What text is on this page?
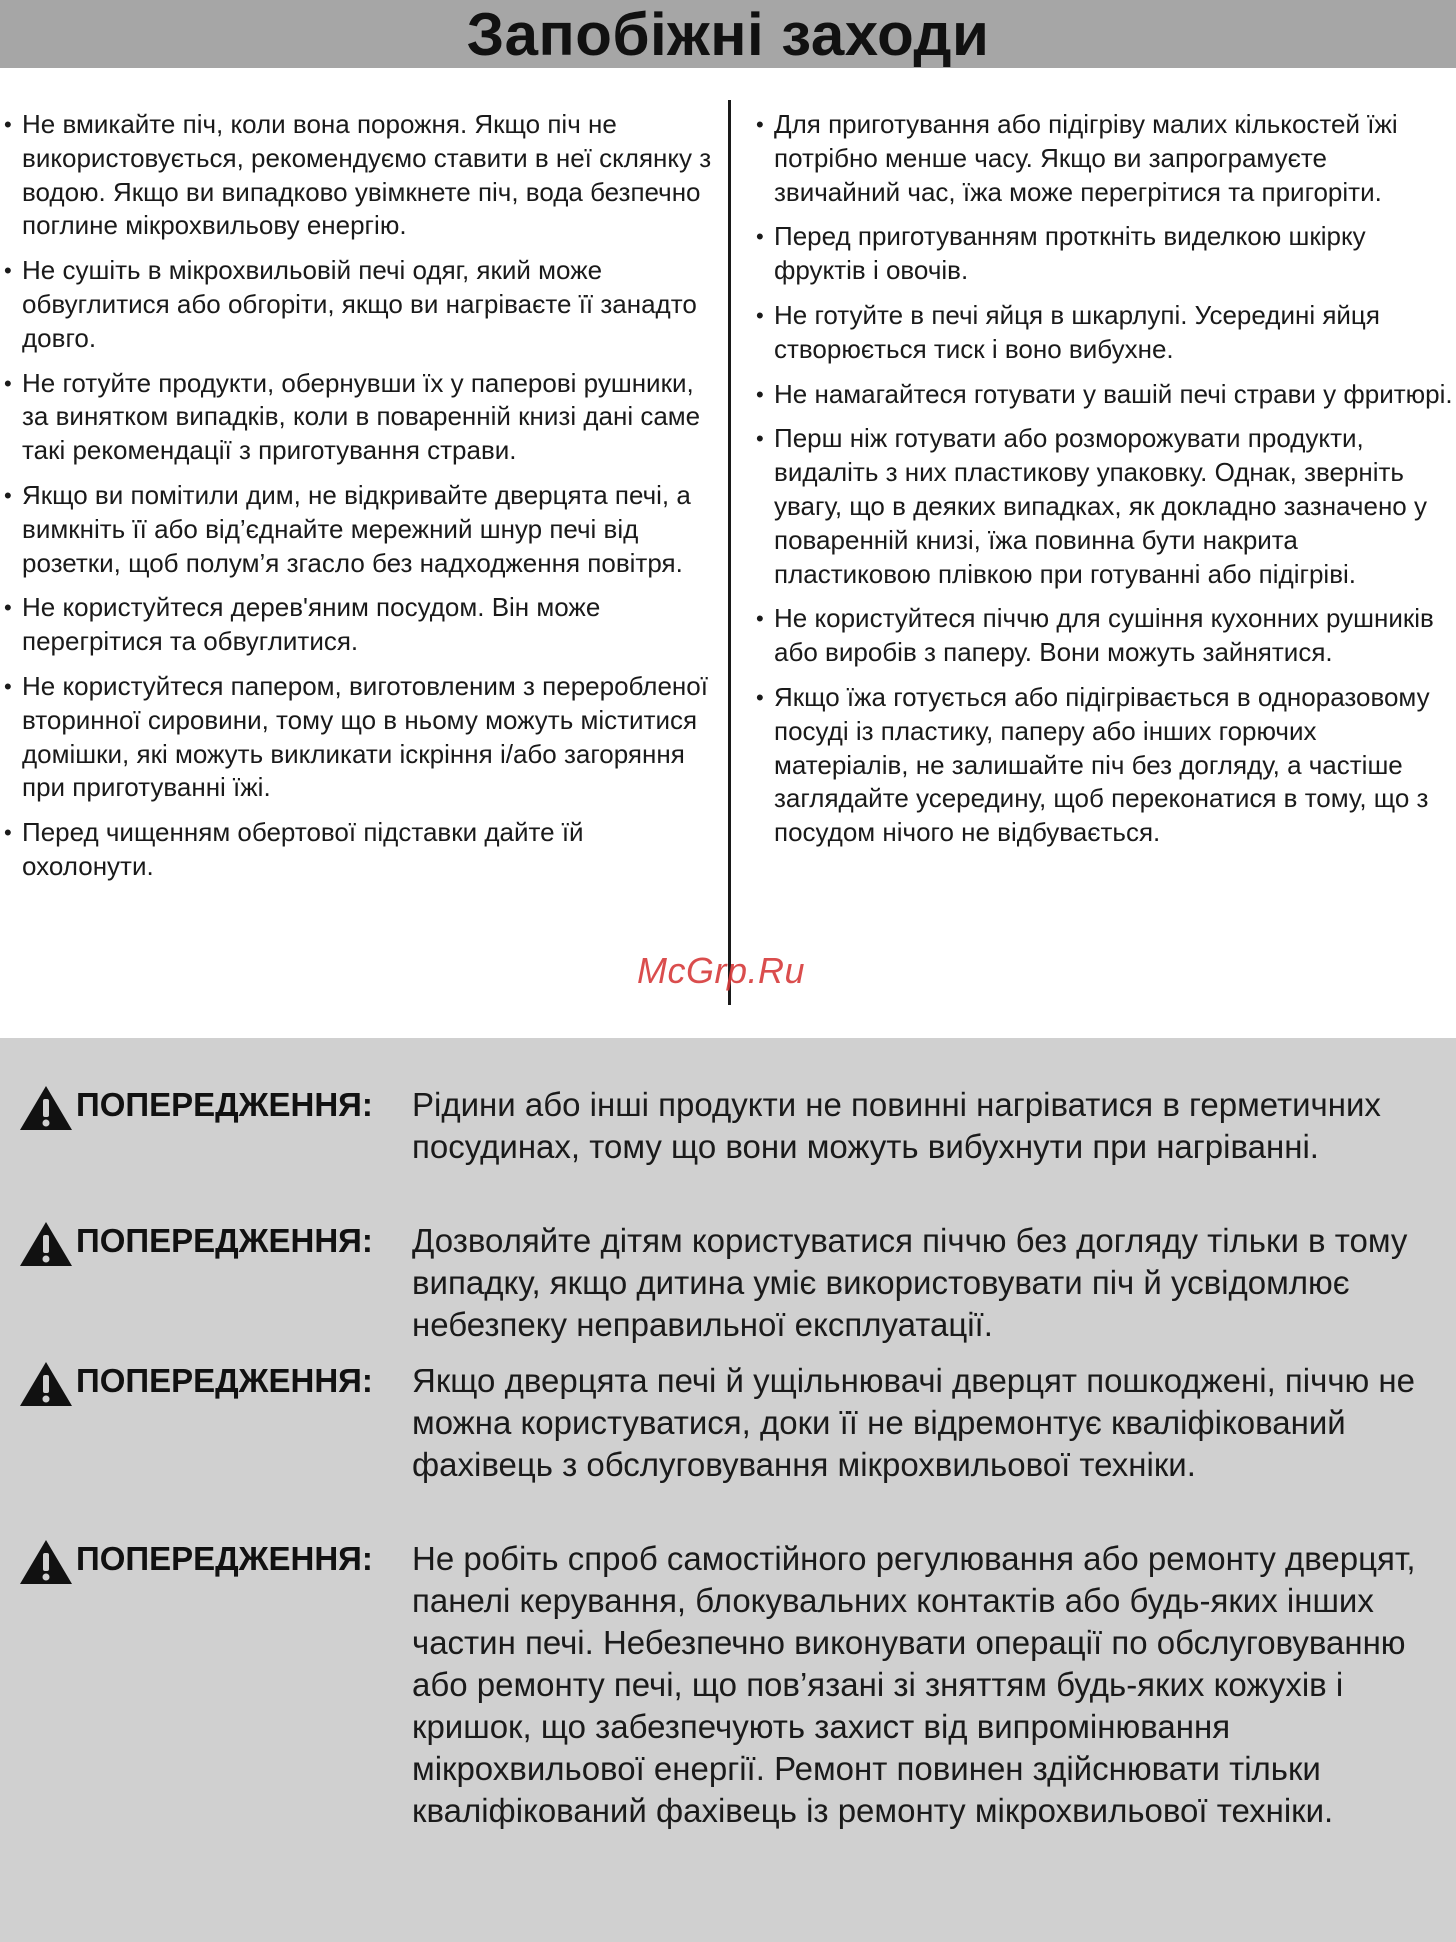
Запобіжні заходи
• Не вмикайте піч, коли вона порожня. Якщо піч не використовується, рекомендуємо ставити в неї склянку з водою. Якщо ви випадково увімкнете піч, вода безпечно поглине мікрохвильову енергію.
• Не сушіть в мікрохвильовій печі одяг, який може обвуглитися або обгоріти, якщо ви нагріваєте її занадто довго.
• Не готуйте продукти, обернувши їх у паперові рушники, за винятком випадків, коли в поваренній книзі дані саме такі рекомендації з приготування страви.
• Якщо ви помітили дим, не відкривайте дверцята печі, а вимкніть її або від’єднайте мережний шнур печі від розетки, щоб полум’я згасло без надходження повітря.
• Не користуйтеся дерев'яним посудом. Він може перегрітися та обвуглитися.
• Не користуйтеся папером, виготовленим з переробленої вторинної сировини, тому що в ньому можуть міститися домішки, які можуть викликати іскріння і/або загоряння при приготуванні їжі.
• Перед чищенням обертової підставки дайте їй охолонути.
• Для приготування або підігріву малих кількостей їжі потрібно менше часу. Якщо ви запрограмуєте звичайний час, їжа може перегрітися та пригоріти.
• Перед приготуванням проткніть виделкою шкірку фруктів і овочів.
• Не готуйте в печі яйця в шкарлупі. Усередині яйця створюється тиск і воно вибухне.
• Не намагайтеся готувати у вашій печі страви у фритюрі.
• Перш ніж готувати або розморожувати продукти, видаліть з них пластикову упаковку. Однак, зверніть увагу, що в деяких випадках, як докладно зазначено у поваренній книзі, їжа повинна бути накрита пластиковою плівкою при готуванні або підігріві.
• Не користуйтеся піччю для сушіння кухонних рушників або виробів з паперу. Вони можуть зайнятися.
• Якщо їжа готується або підігрівається в одноразовому посуді із пластику, паперу або інших горючих матеріалів, не залишайте піч без догляду, а частіше заглядайте усередину, щоб переконатися в тому, що з посудом нічого не відбувається.
McGrp.Ru
ПОПЕРЕДЖЕННЯ: Рідини або інші продукти не повинні нагріватися в герметичних посудинах, тому що вони можуть вибухнути при нагріванні.
ПОПЕРЕДЖЕННЯ: Дозволяйте дітям користуватися піччю без догляду тільки в тому випадку, якщо дитина уміє використовувати піч й усвідомлює небезпеку неправильної експлуатації.
ПОПЕРЕДЖЕННЯ: Якщо дверцята печі й ущільнювачі дверцят пошкоджені, піччю не можна користуватися, доки її не відремонтує кваліфікований фахівець з обслуговування мікрохвильової техніки.
ПОПЕРЕДЖЕННЯ: Не робіть спроб самостійного регулювання або ремонту дверцят, панелі керування, блокувальних контактів або будь-яких інших частин печі. Небезпечно виконувати операції по обслуговуванню або ремонту печі, що пов’язані зі зняттям будь-яких кожухів і кришок, що забезпечують захист від випромінювання мікрохвильової енергії. Ремонт повинен здійснювати тільки кваліфікований фахівець із ремонту мікрохвильової техніки.
